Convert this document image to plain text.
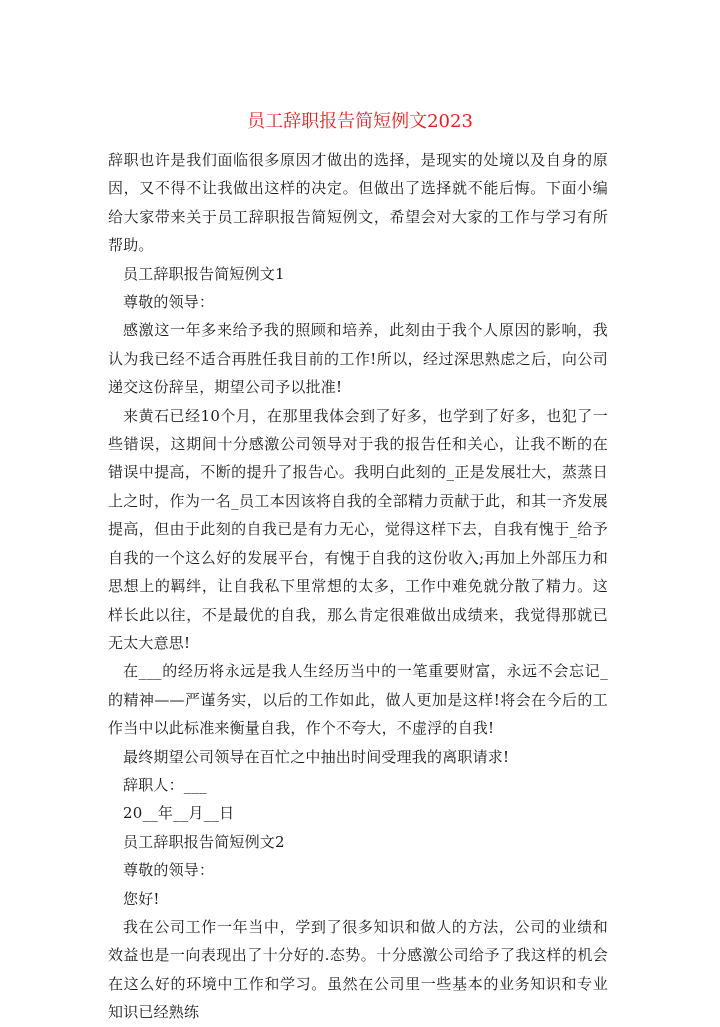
员工辞职报告简短例文2023

辞职也许是我们面临很多原因才做出的选择，是现实的处境以及自身的原因，又不得不让我做出这样的决定。但做出了选择就不能后悔。下面小编给大家带来关于员工辞职报告简短例文，希望会对大家的工作与学习有所帮助。

员工辞职报告简短例文1

尊敬的领导：

感激这一年多来给予我的照顾和培养，此刻由于我个人原因的影响，我认为我已经不适合再胜任我目前的工作!所以，经过深思熟虑之后，向公司递交这份辞呈，期望公司予以批准!

来黄石已经10个月，在那里我体会到了好多，也学到了好多，也犯了一些错误，这期间十分感激公司领导对于我的报告任和关心，让我不断的在错误中提高，不断的提升了报告心。我明白此刻的_正是发展壮大，蒸蒸日上之时，作为一名_员工本因该将自我的全部精力贡献于此，和其一齐发展提高，但由于此刻的自我已是有力无心，觉得这样下去，自我有愧于_给予自我的一个这么好的发展平台，有愧于自我的这份收入;再加上外部压力和思想上的羁绊，让自我私下里常想的太多，工作中难免就分散了精力。这样长此以往，不是最优的自我，那么肯定很难做出成绩来，我觉得那就已无太大意思!

在___的经历将永远是我人生经历当中的一笔重要财富，永远不会忘记_的精神——严谨务实，以后的工作如此，做人更加是这样!将会在今后的工作当中以此标准来衡量自我，作个不夸大，不虚浮的自我!

最终期望公司领导在百忙之中抽出时间受理我的离职请求!

辞职人：___

20__年__月__日

员工辞职报告简短例文2

尊敬的领导：

您好!

我在公司工作一年当中，学到了很多知识和做人的方法，公司的业绩和效益也是一向表现出了十分好的.态势。十分感激公司给予了我这样的机会在这么好的环境中工作和学习。虽然在公司里一些基本的业务知识和专业知识已经熟练
